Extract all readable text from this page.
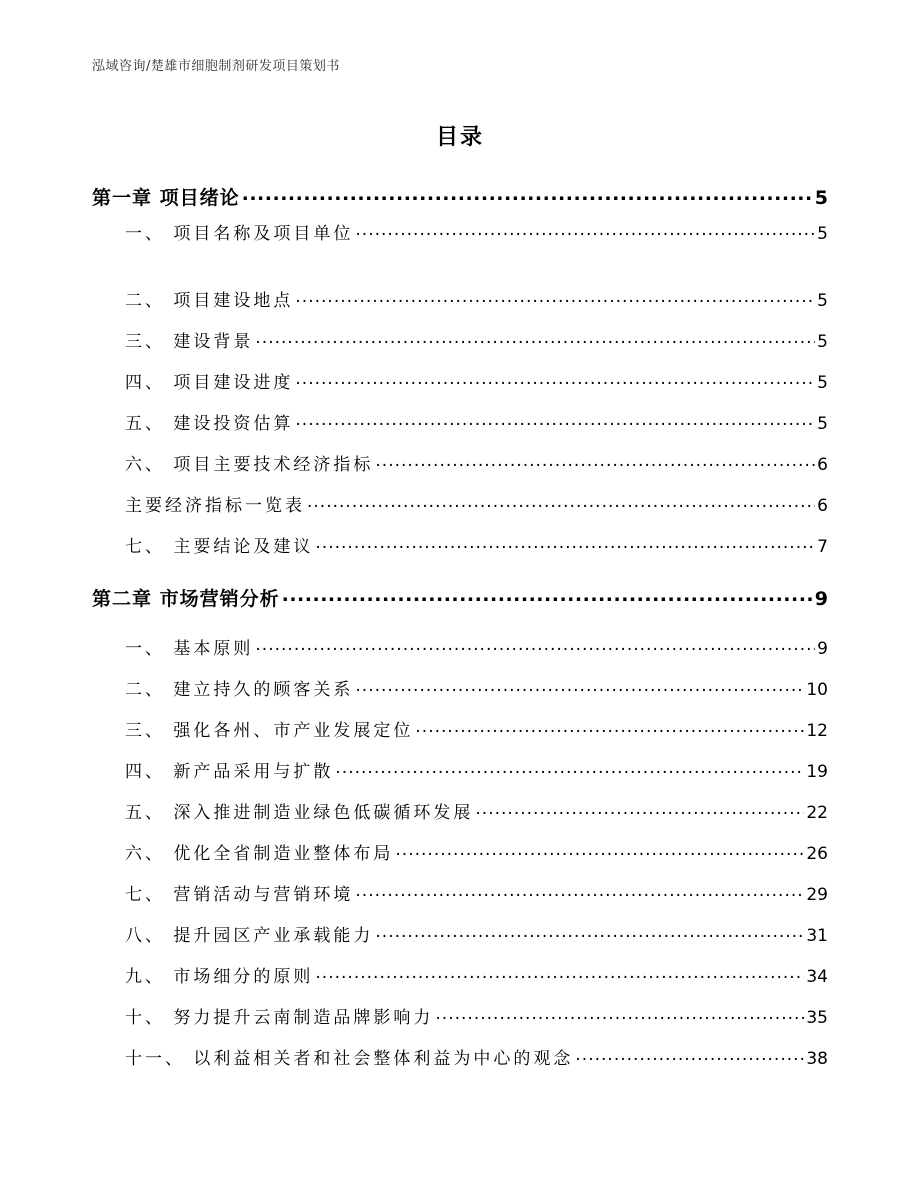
泓域咨询/楚雄市细胞制剂研发项目策划书
目录
第一章 项目绪论 .....	5
一、 项目名称及项目单位 .....	5
二、 项目建设地点 .....	5
三、 建设背景 .....	5
四、 项目建设进度 .....	5
五、 建设投资估算 .....	5
六、 项目主要技术经济指标 .....	6
主要经济指标一览表 .....	6
七、 主要结论及建议 .....	7
第二章 市场营销分析 .....	9
一、 基本原则 .....	9
二、 建立持久的顾客关系 .....	10
三、 强化各州、市产业发展定位 .....	12
四、 新产品采用与扩散 .....	19
五、 深入推进制造业绿色低碳循环发展 .....	22
六、 优化全省制造业整体布局 .....	26
七、 营销活动与营销环境 .....	29
八、 提升园区产业承载能力 .....	31
九、 市场细分的原则 .....	34
十、 努力提升云南制造品牌影响力 .....	35
十一、 以利益相关者和社会整体利益为中心的观念 .....	38
